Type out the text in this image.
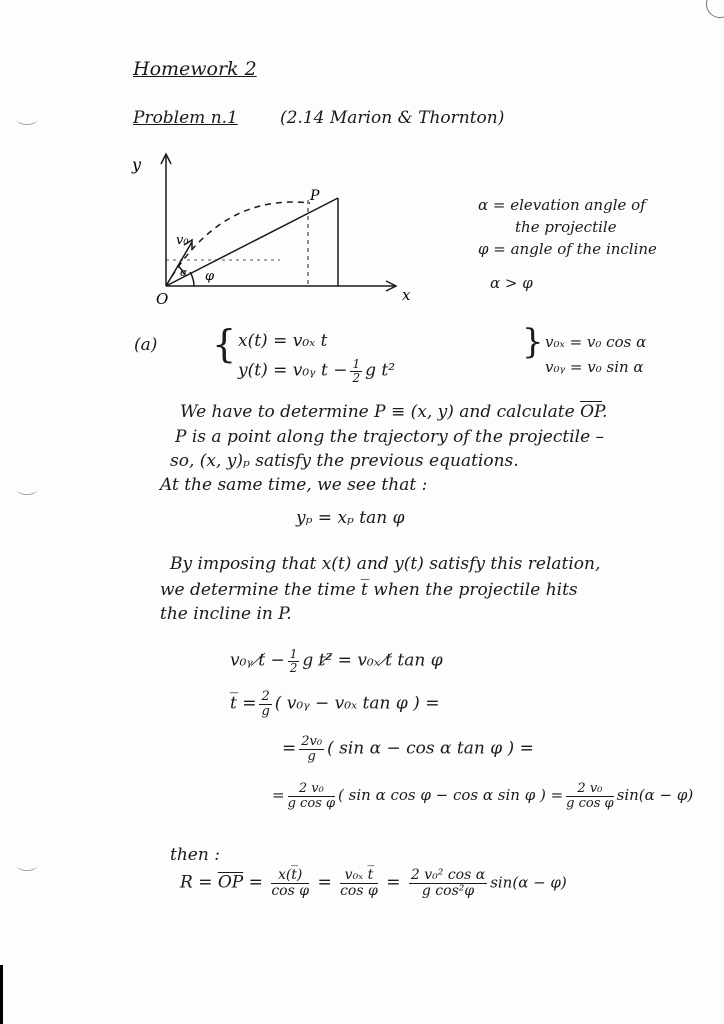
Homework 2
Problem n.1 (2.14 Marion & Thornton)
y
x
O
P
v₀
α φ
α = elevation angle of
the projectile
φ = angle of the incline
α > φ
(a) { x(t) = v₀ₓ t
y(t) = v₀ᵧ $t - \frac{1}{2}$ g t²
} v₀ₓ = v₀ cos α
v₀ᵧ = v₀ sin α
We have to determine P ≡ (x, y) and calculate $\overline{OP}$.
P is a point along the trajectory of the projectile –
so, (x, y)ₚ satisfy the previous equations.
At the same time, we see that :
yₚ = xₚ tan φ
By imposing that x(t) and y(t) satisfy this relation,
we determine the time t̅ when the projectile hits
the incline in P.
v₀ᵧ t̸ − $\frac{1}{2}$ g t²̸ = v₀ₓ t̸ tan φ
t̅ = $\frac{2}{g}$ ( v₀ᵧ − v₀ₓ tan φ ) =
= $\frac{\text{2v₀}}{g}$ ( sin α − cos α tan φ ) =
= $\frac{\text{2 v₀}}{\text{g cos φ}}$ ( sin α cos φ − cos α sin φ ) = $\frac{\text{2 v₀}}{\text{g cos φ}} \sin(\alpha - \varphi)$
then :
$R = \overline{OP} = \frac{x(t̅)}{\text{cos φ}} = \frac{\text{v₀ₓ t̅}}{\text{cos φ}} = \frac{\text{2 v₀² cos α}}{\text{g cos²φ}} \sin(\alpha - \varphi)$
